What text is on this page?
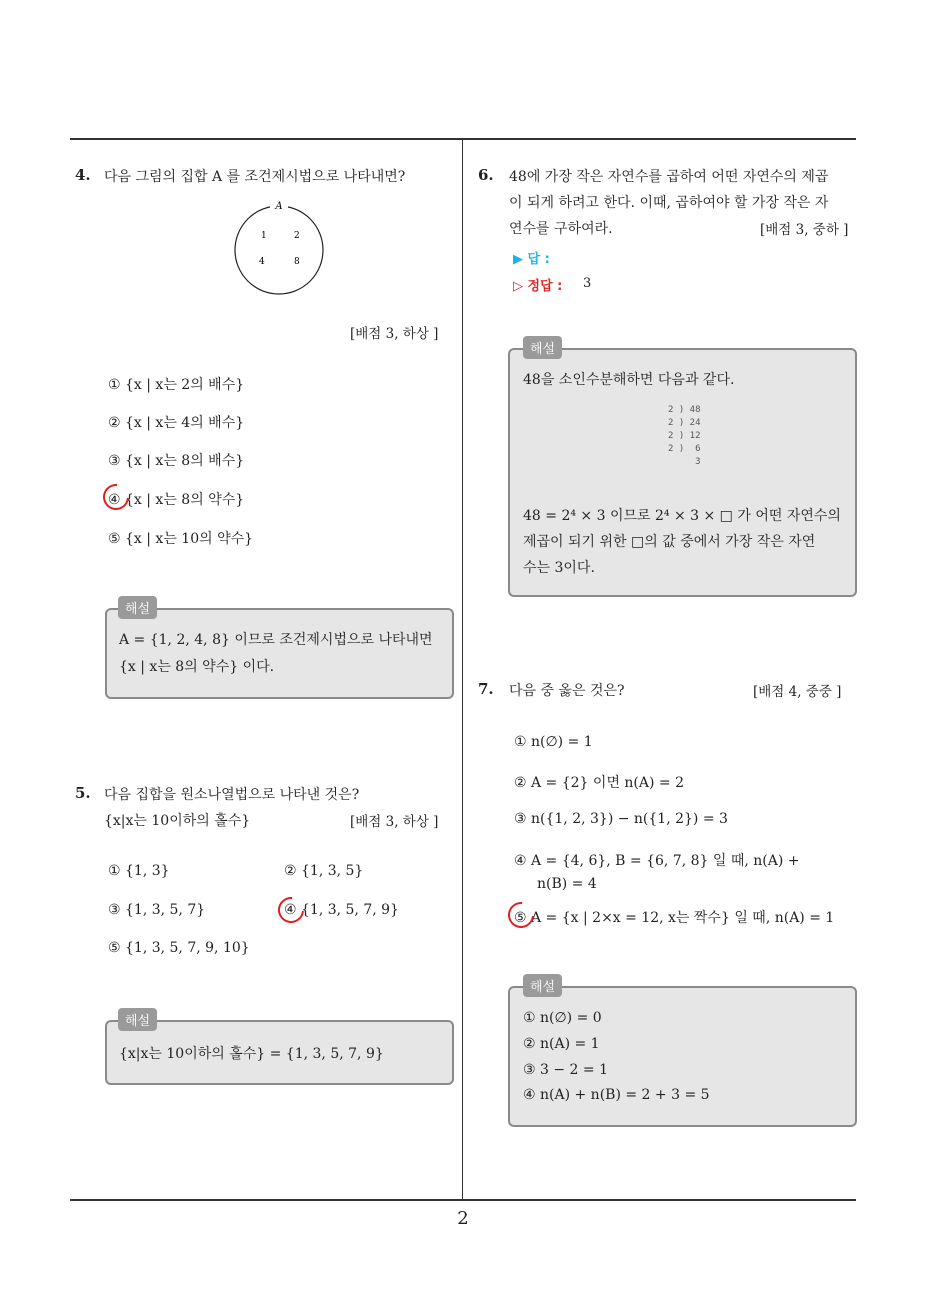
4. 다음 그림의 집합 A 를 조건제시법으로 나타내면?
A
1	2
4	8
[배점 3, 하상 ]
① {x | x는 2의 배수}
② {x | x는 4의 배수}
③ {x | x는 8의 배수}
④ {x | x는 8의 약수}
⑤ {x | x는 10의 약수}
A = {1, 2, 4, 8} 이므로 조건제시법으로 나타내면
{x | x는 8의 약수} 이다.
해설
5. 다음 집합을 원소나열법으로 나타낸 것은?
{x|x는 10이하의 홀수}	[배점 3, 하상 ]
① {1, 3}	② {1, 3, 5}
③ {1, 3, 5, 7}	④ {1, 3, 5, 7, 9}
⑤ {1, 3, 5, 7, 9, 10}
{x|x는 10이하의 홀수} = {1, 3, 5, 7, 9}
해설
6. 48에 가장 작은 자연수를 곱하여 어떤 자연수의 제곱
이 되게 하려고 한다. 이때, 곱하여야 할 가장 작은 자
연수를 구하여라.	[배점 3, 중하 ]
▶ 답 :
▷ 정답 : 3
48을 소인수분해하면 다음과 같다.
2 ) 48
2 ) 24
2 ) 12
2 )  6
3
48 = 2⁴ × 3 이므로 2⁴ × 3 × □ 가 어떤 자연수의
제곱이 되기 위한 □의 값 중에서 가장 작은 자연
수는 3이다.
해설
7. 다음 중 옳은 것은?	[배점 4, 중중 ]
① n(∅) = 1
② A = {2} 이면 n(A) = 2
③ n({1, 2, 3}) − n({1, 2}) = 3
④ A = {4, 6}, B = {6, 7, 8} 일 때, n(A) +
n(B) = 4
⑤ A = {x | 2×x = 12, x는 짝수} 일 때, n(A) = 1
① n(∅) = 0
② n(A) = 1
③ 3 − 2 = 1
④ n(A) + n(B) = 2 + 3 = 5
해설
2
